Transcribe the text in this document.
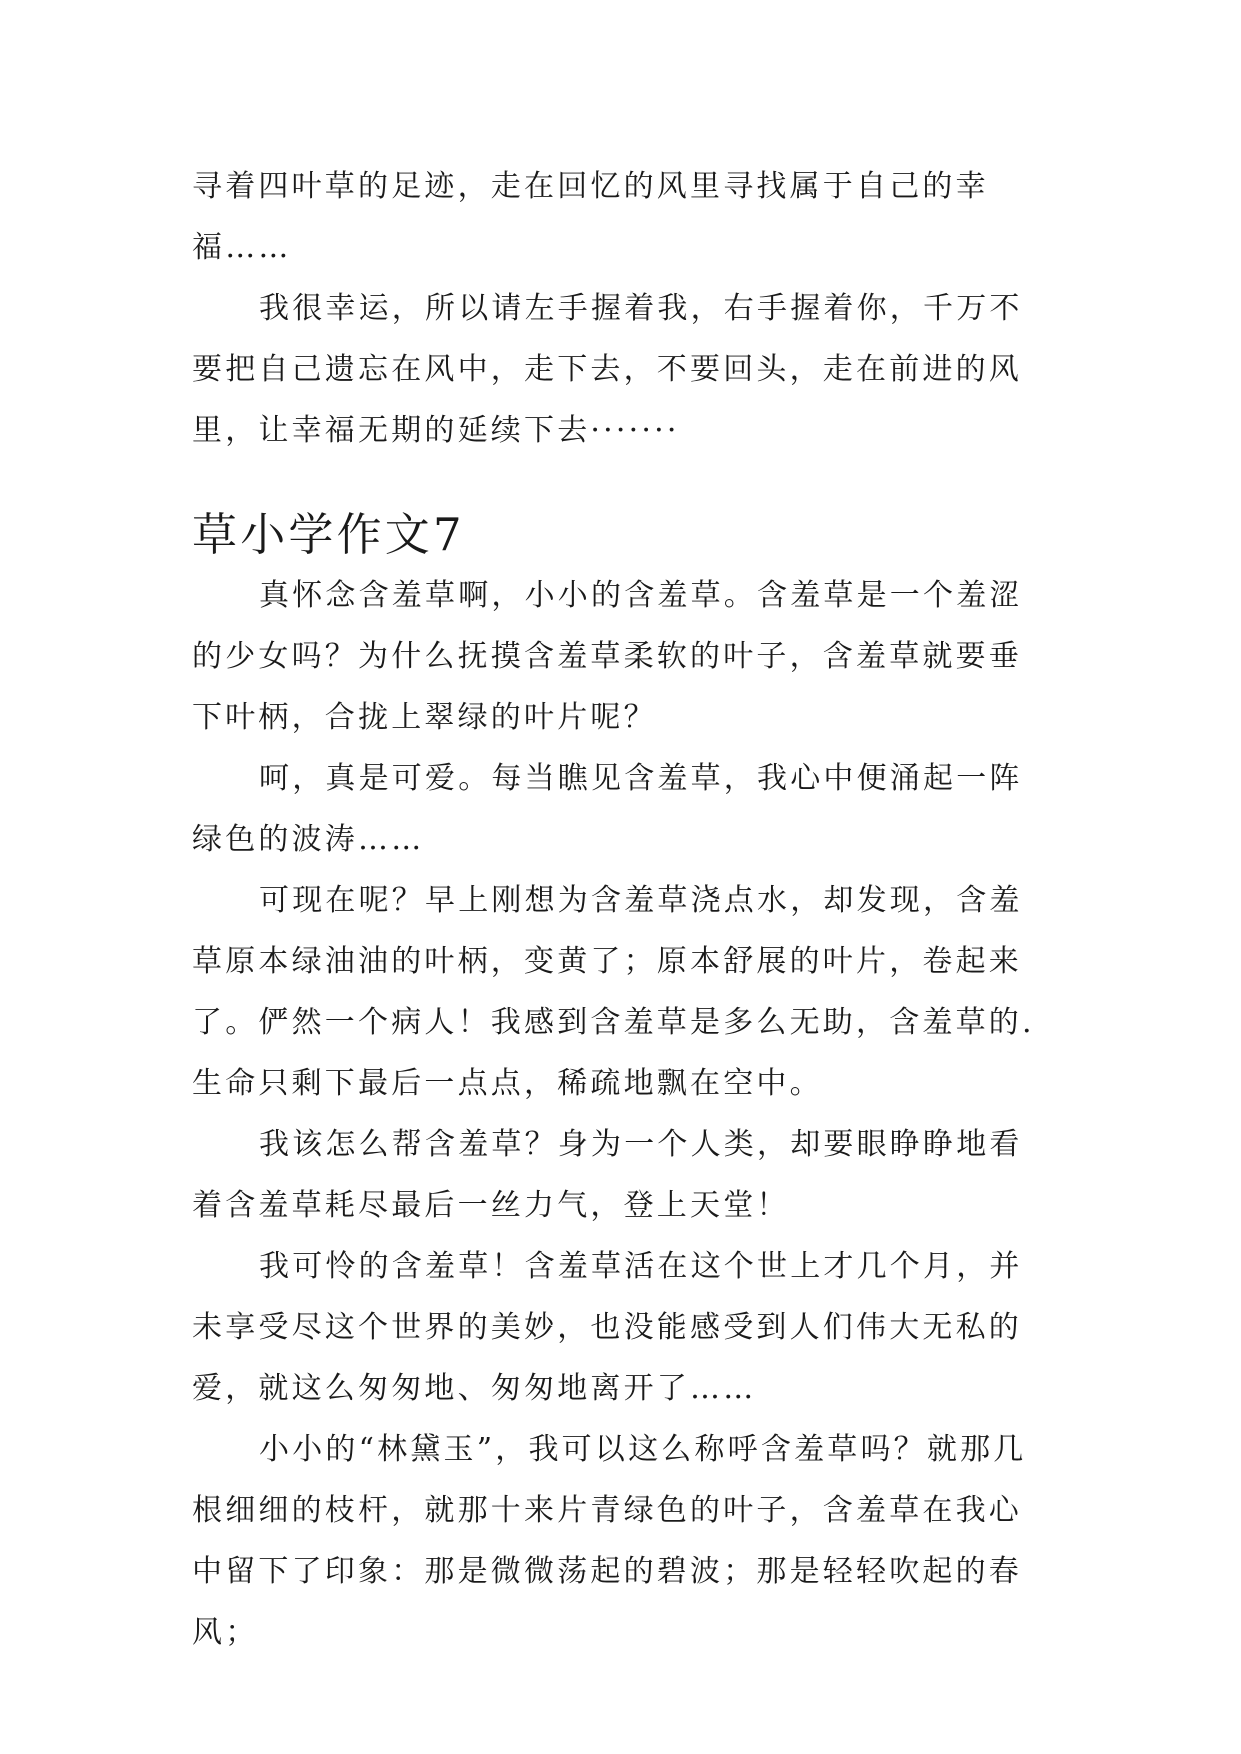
寻着四叶草的足迹，走在回忆的风里寻找属于自己的幸福……

我很幸运，所以请左手握着我，右手握着你，千万不要把自己遗忘在风中，走下去，不要回头，走在前进的风里，让幸福无期的延续下去·······

草小学作文7

真怀念含羞草啊，小小的含羞草。含羞草是一个羞涩的少女吗？为什么抚摸含羞草柔软的叶子，含羞草就要垂下叶柄，合拢上翠绿的叶片呢？

呵，真是可爱。每当瞧见含羞草，我心中便涌起一阵绿色的波涛……

可现在呢？早上刚想为含羞草浇点水，却发现，含羞草原本绿油油的叶柄，变黄了；原本舒展的叶片，卷起来了。俨然一个病人！我感到含羞草是多么无助，含羞草的.生命只剩下最后一点点，稀疏地飘在空中。

我该怎么帮含羞草？身为一个人类，却要眼睁睁地看着含羞草耗尽最后一丝力气，登上天堂！

我可怜的含羞草！含羞草活在这个世上才几个月，并未享受尽这个世界的美妙，也没能感受到人们伟大无私的爱，就这么匆匆地、匆匆地离开了……

小小的“林黛玉”，我可以这么称呼含羞草吗？就那几根细细的枝杆，就那十来片青绿色的叶子，含羞草在我心中留下了印象：那是微微荡起的碧波；那是轻轻吹起的春风；
